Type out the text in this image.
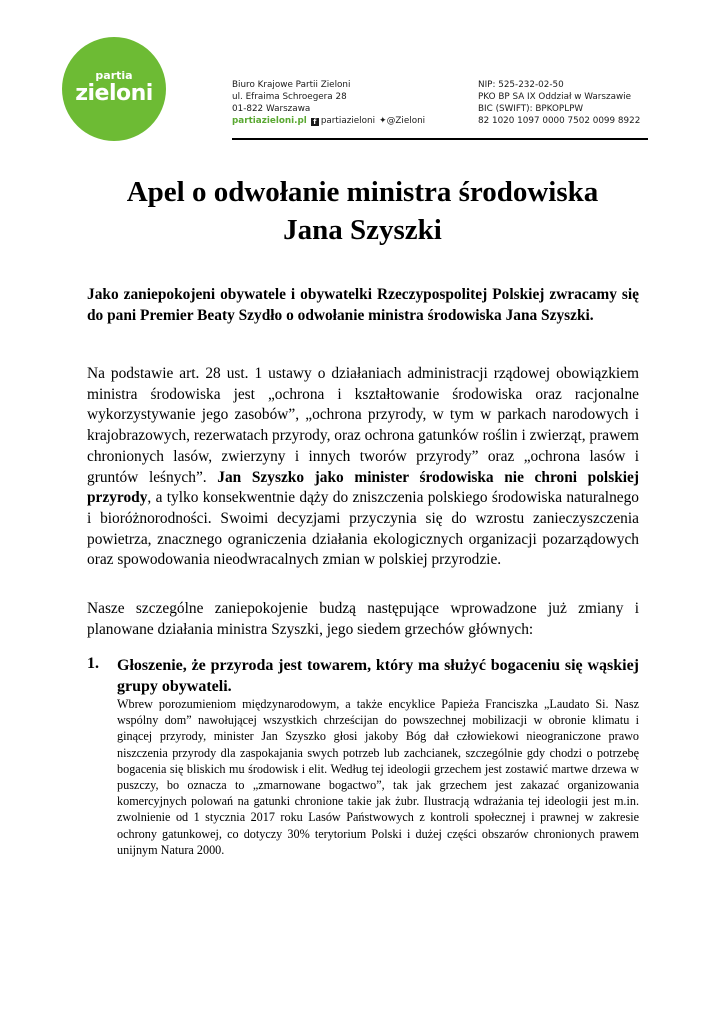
partia
zieloni	Biuro Krajowe Partii Zieloni
ul. Efraima Schroegera 28
01-822 Warszawa
partiazieloni.pl f partiazieloni ✦@Zieloni
NIP: 525-232-02-50
PKO BP SA IX Oddział w Warszawie
BIC (SWIFT): BPKOPLPW
82 1020 1097 0000 7502 0099 8922
Apel o odwołanie ministra środowiska
Jana Szyszki
Jako zaniepokojeni obywatele i obywatelki Rzeczypospolitej Polskiej zwracamy się do pani Premier Beaty Szydło o odwołanie ministra środowiska Jana Szyszki.
Na podstawie art. 28 ust. 1 ustawy o działaniach administracji rządowej obowiązkiem ministra środowiska jest „ochrona i kształtowanie środowiska oraz racjonalne wykorzystywanie jego zasobów”, „ochrona przyrody, w tym w parkach narodowych i krajobrazowych, rezerwatach przyrody, oraz ochrona gatunków roślin i zwierząt, prawem chronionych lasów, zwierzyny i innych tworów przyrody” oraz „ochrona lasów i gruntów leśnych”. Jan Szyszko jako minister środowiska nie chroni polskiej przyrody, a tylko konsekwentnie dąży do zniszczenia polskiego środowiska naturalnego i bioróżnorodności. Swoimi decyzjami przyczynia się do wzrostu zanieczyszczenia powietrza, znacznego ograniczenia działania ekologicznych organizacji pozarządowych oraz spowodowania nieodwracalnych zmian w polskiej przyrodzie.
Nasze szczególne zaniepokojenie budzą następujące wprowadzone już zmiany i planowane działania ministra Szyszki, jego siedem grzechów głównych:
1. Głoszenie, że przyroda jest towarem, który ma służyć bogaceniu się wąskiej grupy obywateli.
Wbrew porozumieniom międzynarodowym, a także encyklice Papieża Franciszka „Laudato Si. Nasz wspólny dom” nawołującej wszystkich chrześcijan do powszechnej mobilizacji w obronie klimatu i ginącej przyrody, minister Jan Szyszko głosi jakoby Bóg dał człowiekowi nieograniczone prawo niszczenia przyrody dla zaspokajania swych potrzeb lub zachcianek, szczególnie gdy chodzi o potrzebę bogacenia się bliskich mu środowisk i elit. Według tej ideologii grzechem jest zostawić martwe drzewa w puszczy, bo oznacza to „zmarnowane bogactwo”, tak jak grzechem jest zakazać organizowania komercyjnych polowań na gatunki chronione takie jak żubr. Ilustracją wdrażania tej ideologii jest m.in. zwolnienie od 1 stycznia 2017 roku Lasów Państwowych z kontroli społecznej i prawnej w zakresie ochrony gatunkowej, co dotyczy 30% terytorium Polski i dużej części obszarów chronionych prawem unijnym Natura 2000.
